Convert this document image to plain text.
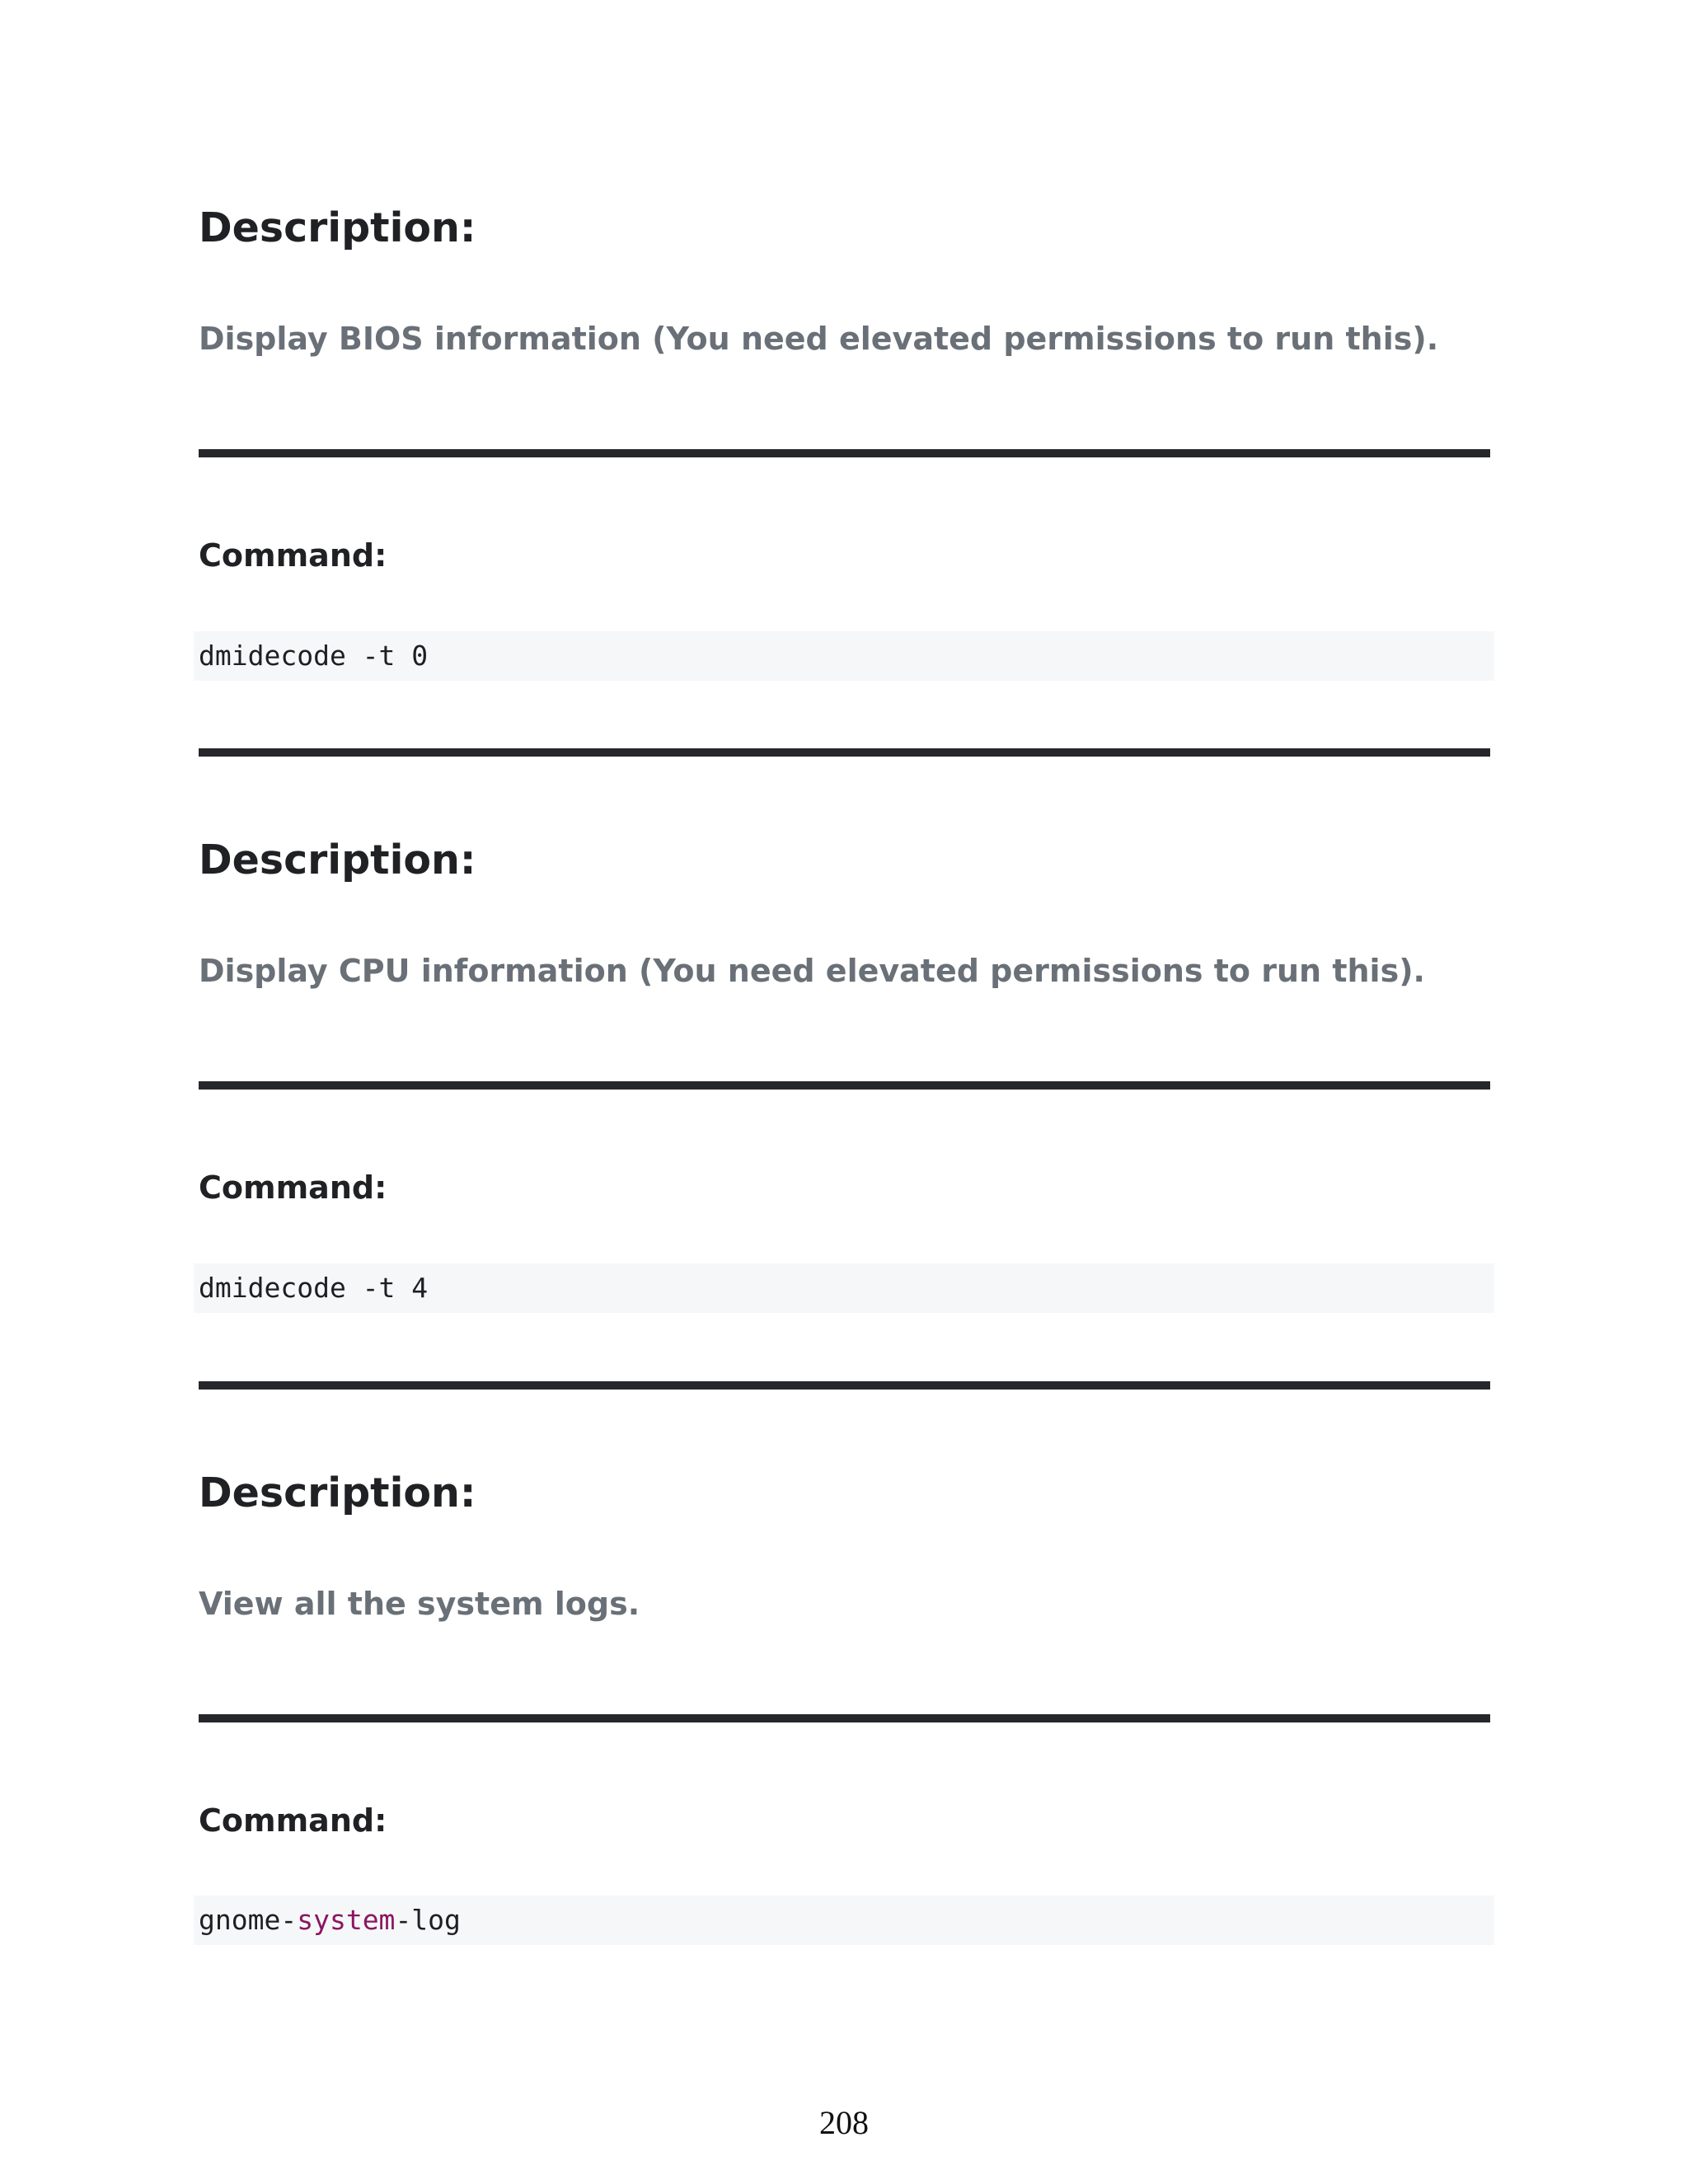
Description:

Display BIOS information (You need elevated permissions to run this).

Command:
dmidecode -t 0
Description:

Display CPU information (You need elevated permissions to run this).

Command:
dmidecode -t 4
Description:

View all the system logs.

Command:
gnome-system-log
208
